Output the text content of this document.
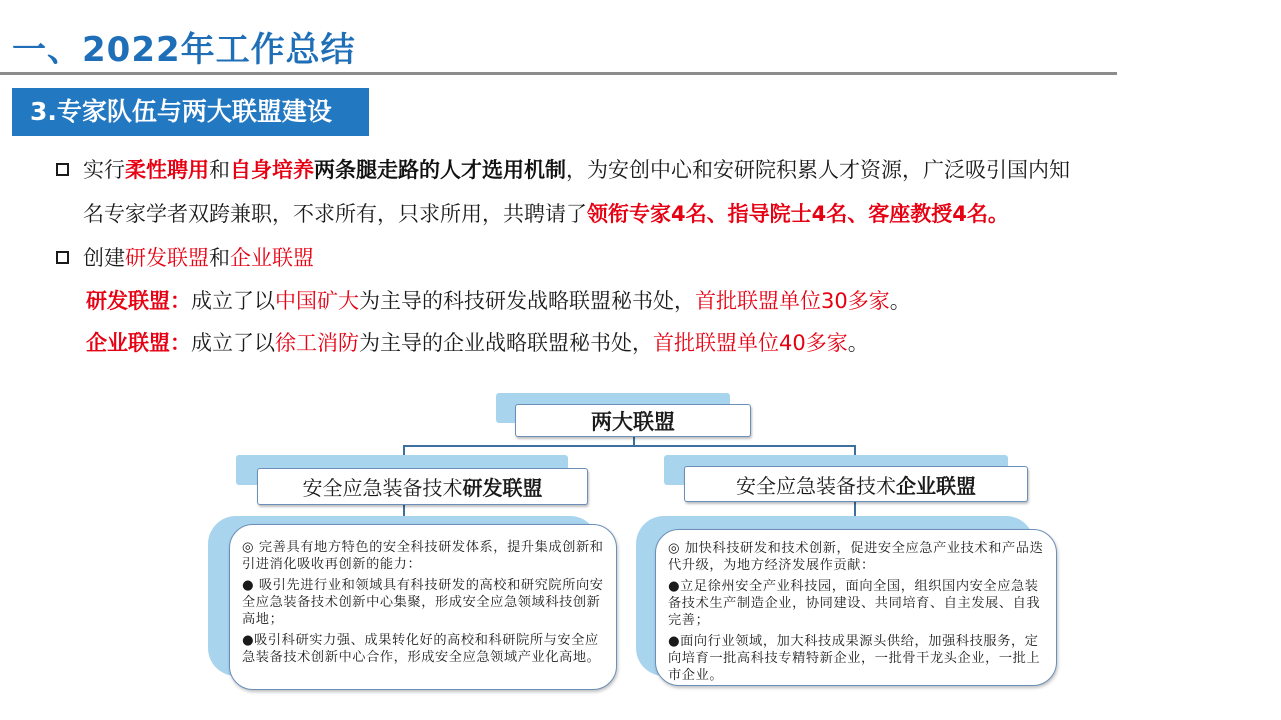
一、2022年工作总结
3.专家队伍与两大联盟建设
实行柔性聘用和自身培养两条腿走路的人才选用机制，为安创中心和安研院积累人才资源，广泛吸引国内知
名专家学者双跨兼职，不求所有，只求所用，共聘请了领衔专家4名、指导院士4名、客座教授4名。
创建研发联盟和企业联盟
研发联盟：成立了以中国矿大为主导的科技研发战略联盟秘书处，首批联盟单位30多家。
企业联盟：成立了以徐工消防为主导的企业战略联盟秘书处，首批联盟单位40多家。
两大联盟
安全应急装备技术 研发联盟	安全应急装备技术 企业联盟

◎ 完善具有地方特色的安全科技研发体系，提升集成创新和引进消化吸收再创新的能力：

● 吸引先进行业和领域具有科技研发的高校和研究院所向安全应急装备技术创新中心集聚，形成安全应急领域科技创新高地；

●吸引科研实力强、成果转化好的高校和科研院所与安全应急装备技术创新中心合作，形成安全应急领域产业化高地。

◎ 加快科技研发和技术创新，促进安全应急产业技术和产品迭代升级，为地方经济发展作贡献：

●立足徐州安全产业科技园，面向全国，组织国内安全应急装备技术生产制造企业，协同建设、共同培育、自主发展、自我完善；

●面向行业领域，加大科技成果源头供给，加强科技服务，定向培育一批高科技专精特新企业，一批骨干龙头企业，一批上市企业。
